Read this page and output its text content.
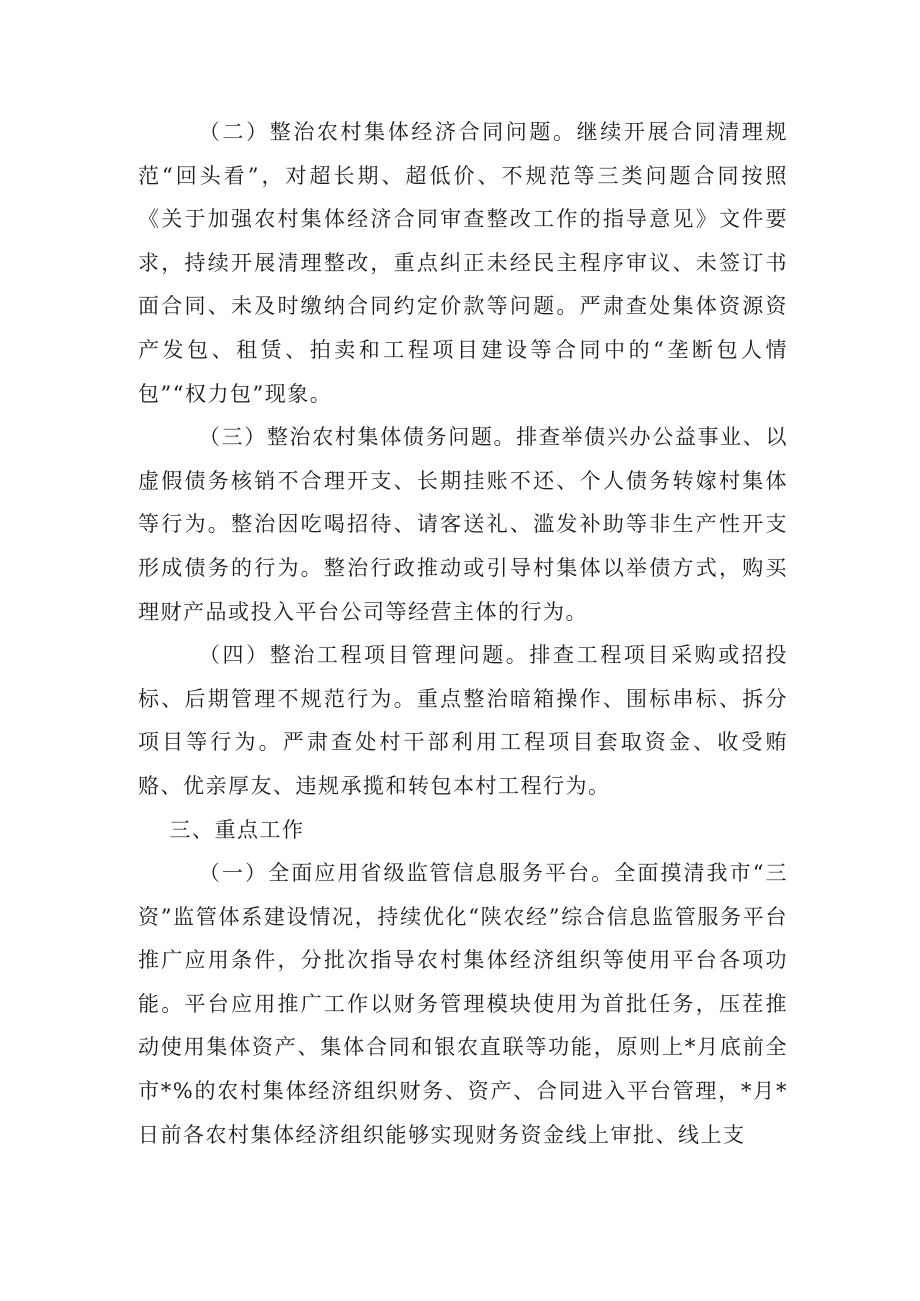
（二）整治农村集体经济合同问题。继续开展合同清理规范“回头看”，对超长期、超低价、不规范等三类问题合同按照《关于加强农村集体经济合同审查整改工作的指导意见》文件要求，持续开展清理整改，重点纠正未经民主程序审议、未签订书面合同、未及时缴纳合同约定价款等问题。严肃查处集体资源资产发包、租赁、拍卖和工程项目建设等合同中的“垄断包人情包”“权力包”现象。

（三）整治农村集体债务问题。排查举债兴办公益事业、以虚假债务核销不合理开支、长期挂账不还、个人债务转嫁村集体等行为。整治因吃喝招待、请客送礼、滥发补助等非生产性开支形成债务的行为。整治行政推动或引导村集体以举债方式，购买理财产品或投入平台公司等经营主体的行为。

（四）整治工程项目管理问题。排查工程项目采购或招投标、后期管理不规范行为。重点整治暗箱操作、围标串标、拆分项目等行为。严肃查处村干部利用工程项目套取资金、收受贿赂、优亲厚友、违规承揽和转包本村工程行为。

三、重点工作

（一）全面应用省级监管信息服务平台。全面摸清我市“三资”监管体系建设情况，持续优化“陕农经”综合信息监管服务平台推广应用条件，分批次指导农村集体经济组织等使用平台各项功能。平台应用推广工作以财务管理模块使用为首批任务，压茬推动使用集体资产、集体合同和银农直联等功能，原则上*月底前全市*%的农村集体经济组织财务、资产、合同进入平台管理，*月*日前各农村集体经济组织能够实现财务资金线上审批、线上支
